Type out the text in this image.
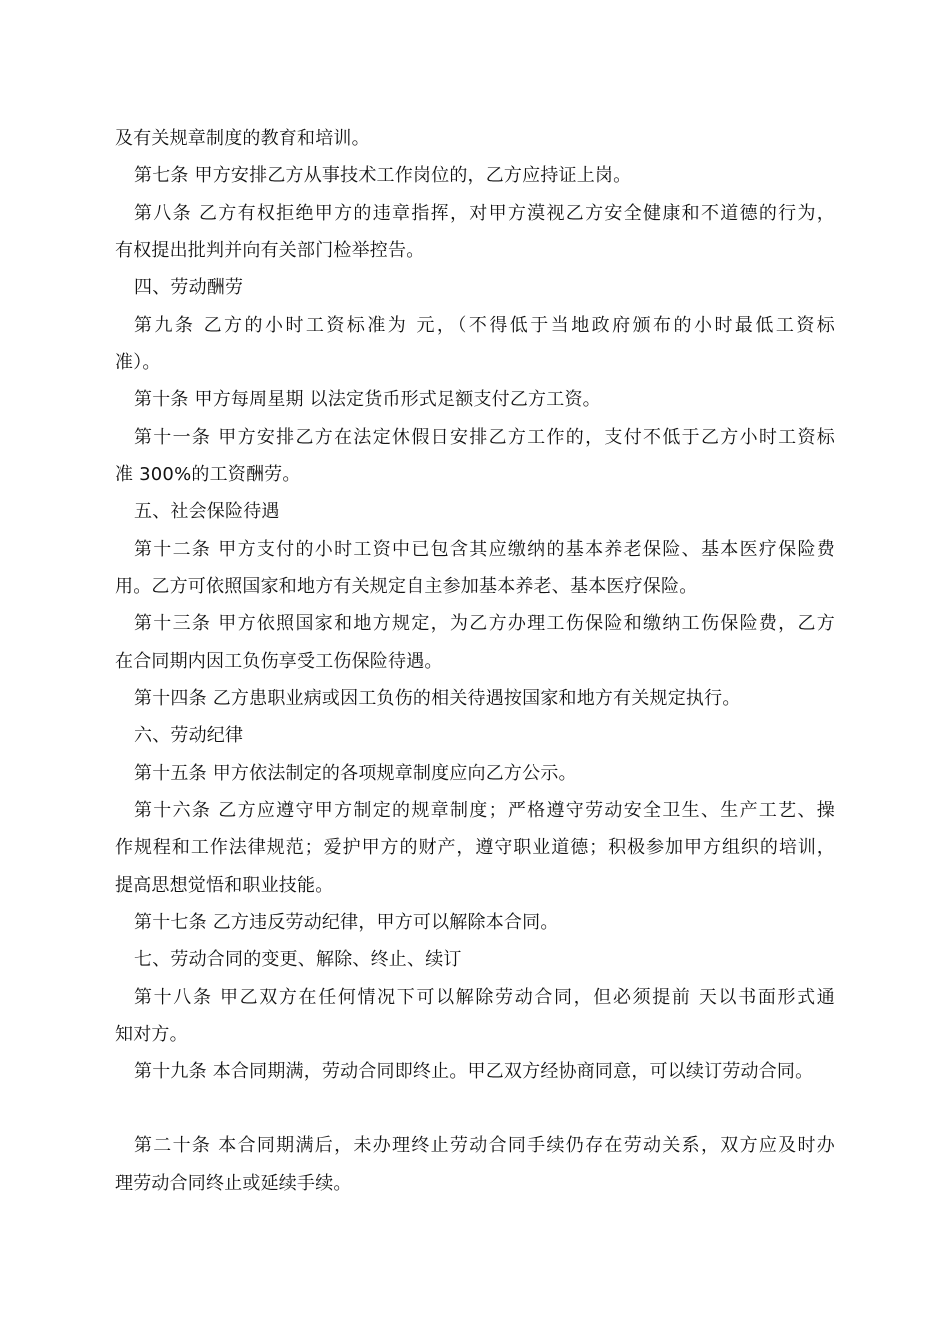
及有关规章制度的教育和培训。
第七条 甲方安排乙方从事技术工作岗位的，乙方应持证上岗。
第八条 乙方有权拒绝甲方的违章指挥，对甲方漠视乙方安全健康和不道德的行为，
有权提出批判并向有关部门检举控告。
四、劳动酬劳
第九条 乙方的小时工资标准为 元，（不得低于当地政府颁布的小时最低工资标
准）。
第十条 甲方每周星期 以法定货币形式足额支付乙方工资。
第十一条 甲方安排乙方在法定休假日安排乙方工作的，支付不低于乙方小时工资标
准 300%的工资酬劳。
五、社会保险待遇
第十二条 甲方支付的小时工资中已包含其应缴纳的基本养老保险、基本医疗保险费
用。乙方可依照国家和地方有关规定自主参加基本养老、基本医疗保险。
第十三条 甲方依照国家和地方规定，为乙方办理工伤保险和缴纳工伤保险费，乙方
在合同期内因工负伤享受工伤保险待遇。
第十四条 乙方患职业病或因工负伤的相关待遇按国家和地方有关规定执行。
六、劳动纪律
第十五条 甲方依法制定的各项规章制度应向乙方公示。
第十六条 乙方应遵守甲方制定的规章制度；严格遵守劳动安全卫生、生产工艺、操
作规程和工作法律规范；爱护甲方的财产，遵守职业道德；积极参加甲方组织的培训，
提高思想觉悟和职业技能。
第十七条 乙方违反劳动纪律，甲方可以解除本合同。
七、劳动合同的变更、解除、终止、续订
第十八条 甲乙双方在任何情况下可以解除劳动合同，但必须提前 天以书面形式通
知对方。
第十九条 本合同期满，劳动合同即终止。甲乙双方经协商同意，可以续订劳动合同。
第二十条 本合同期满后，未办理终止劳动合同手续仍存在劳动关系，双方应及时办
理劳动合同终止或延续手续。
